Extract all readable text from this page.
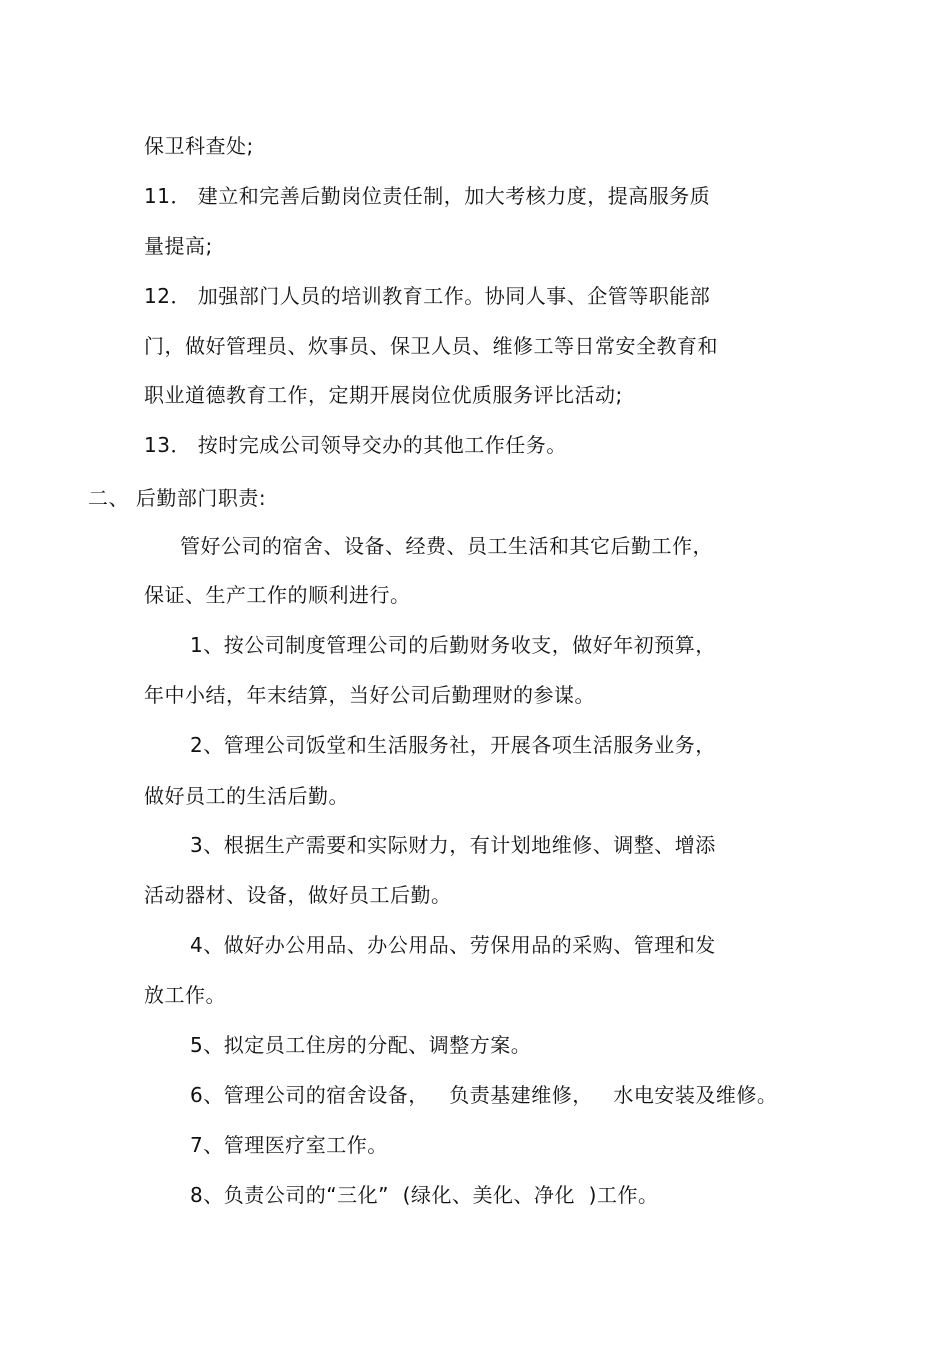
保卫科查处;
11． 建立和完善后勤岗位责任制，加大考核力度，提高服务质
量提高;
12． 加强部门人员的培训教育工作。协同人事、企管等职能部
门，做好管理员、炊事员、保卫人员、维修工等日常安全教育和
职业道德教育工作，定期开展岗位优质服务评比活动;
13． 按时完成公司领导交办的其他工作任务。
二、 后勤部门职责:
管好公司的宿舍、设备、经费、员工生活和其它后勤工作，
保证、生产工作的顺利进行。
1、按公司制度管理公司的后勤财务收支，做好年初预算，
年中小结，年末结算，当好公司后勤理财的参谋。
2、管理公司饭堂和生活服务社，开展各项生活服务业务，
做好员工的生活后勤。
3、根据生产需要和实际财力，有计划地维修、调整、增添
活动器材、设备，做好员工后勤。
4、做好办公用品、办公用品、劳保用品的采购、管理和发
放工作。
5、拟定员工住房的分配、调整方案。
6、管理公司的宿舍设备，   负责基建维修，   水电安装及维修。
7、管理医疗室工作。
8、负责公司的“三化”  (绿化、美化、净化  )工作。
